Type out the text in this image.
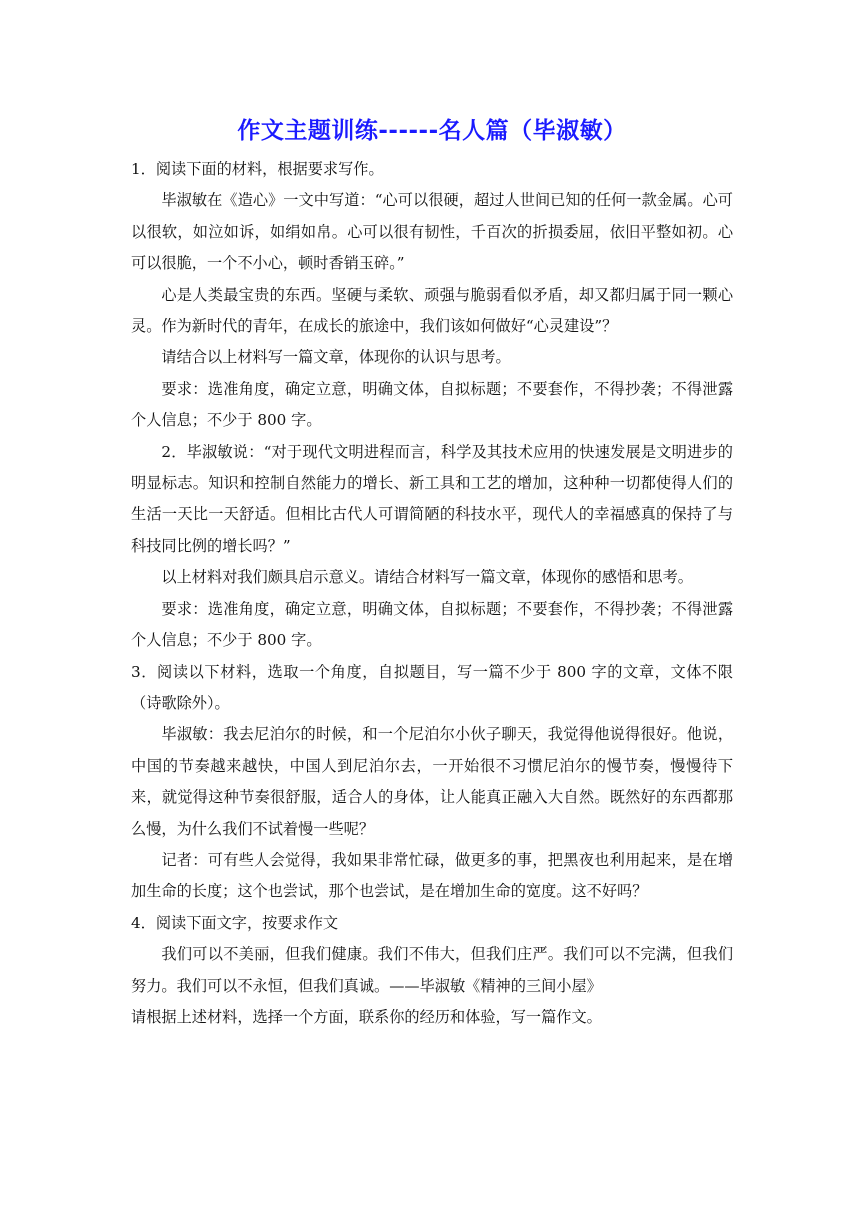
作文主题训练------名人篇（毕淑敏）

1．阅读下面的材料，根据要求写作。

毕淑敏在《造心》一文中写道：“心可以很硬，超过人世间已知的任何一款金属。心可以很软，如泣如诉，如绢如帛。心可以很有韧性，千百次的折损委屈，依旧平整如初。心可以很脆，一个不小心，顿时香销玉碎。”

心是人类最宝贵的东西。坚硬与柔软、顽强与脆弱看似矛盾，却又都归属于同一颗心灵。作为新时代的青年，在成长的旅途中，我们该如何做好“心灵建设”？

请结合以上材料写一篇文章，体现你的认识与思考。

要求：选准角度，确定立意，明确文体，自拟标题；不要套作，不得抄袭；不得泄露个人信息；不少于 800 字。

2．毕淑敏说：“对于现代文明进程而言，科学及其技术应用的快速发展是文明进步的明显标志。知识和控制自然能力的增长、新工具和工艺的增加，这种种一切都使得人们的生活一天比一天舒适。但相比古代人可谓简陋的科技水平，现代人的幸福感真的保持了与科技同比例的增长吗？”

以上材料对我们颇具启示意义。请结合材料写一篇文章，体现你的感悟和思考。

要求：选准角度，确定立意，明确文体，自拟标题；不要套作，不得抄袭；不得泄露个人信息；不少于 800 字。

3．阅读以下材料，选取一个角度，自拟题目，写一篇不少于 800 字的文章，文体不限（诗歌除外）。

毕淑敏：我去尼泊尔的时候，和一个尼泊尔小伙子聊天，我觉得他说得很好。他说，中国的节奏越来越快，中国人到尼泊尔去，一开始很不习惯尼泊尔的慢节奏，慢慢待下来，就觉得这种节奏很舒服，适合人的身体，让人能真正融入大自然。既然好的东西都那么慢，为什么我们不试着慢一些呢？

记者：可有些人会觉得，我如果非常忙碌，做更多的事，把黑夜也利用起来，是在增加生命的长度；这个也尝试，那个也尝试，是在增加生命的宽度。这不好吗？

4．阅读下面文字，按要求作文

我们可以不美丽，但我们健康。我们不伟大，但我们庄严。我们可以不完满，但我们努力。我们可以不永恒，但我们真诚。——毕淑敏《精神的三间小屋》

请根据上述材料，选择一个方面，联系你的经历和体验，写一篇作文。
